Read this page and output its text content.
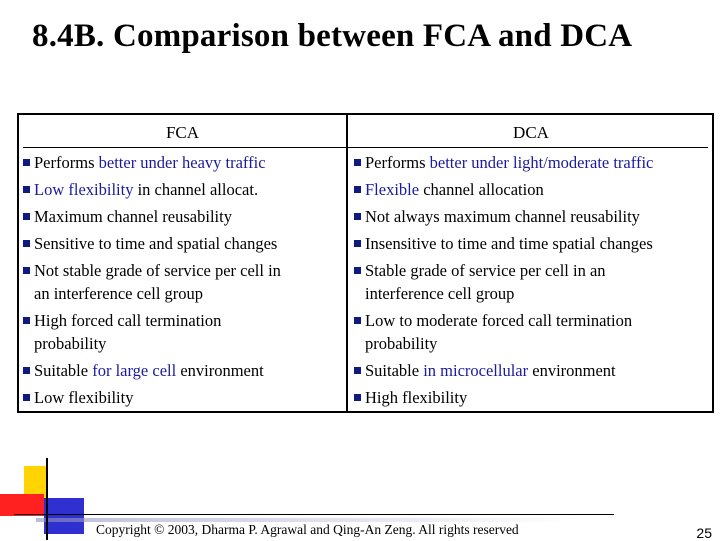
8.4B. Comparison between FCA and DCA
FCA	DCA
Performs better under heavy traffic
Low flexibility in channel allocat.
Maximum channel reusability
Sensitive to time and spatial changes
Not stable grade of service per cell in
an interference cell group
High forced call termination
probability
Suitable for large cell environment
Low flexibility
Performs better under light/moderate traffic
Flexible channel allocation
Not always maximum channel reusability
Insensitive to time and time spatial changes
Stable grade of service per cell in an
interference cell group
Low to moderate forced call termination
probability
Suitable in microcellular environment
High flexibility
Copyright © 2003, Dharma P. Agrawal and Qing-An Zeng. All rights reserved	25
